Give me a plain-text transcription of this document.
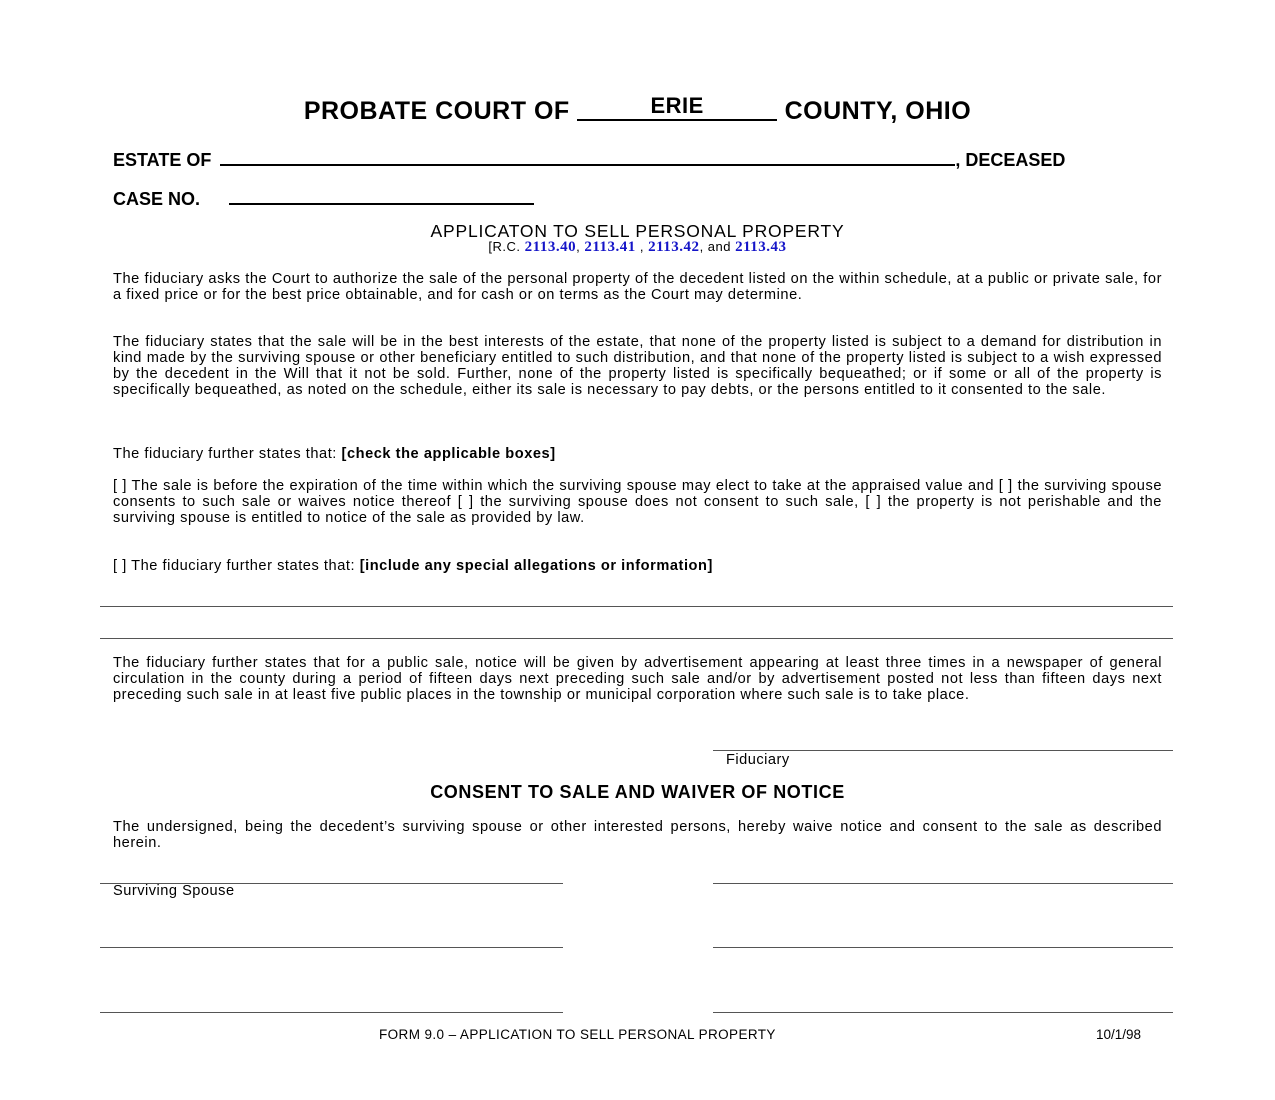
PROBATE COURT OF	ERIE	COUNTY, OHIO
ESTATE OF	, DECEASED
CASE NO.
APPLICATON TO SELL PERSONAL PROPERTY
[R.C. 2113.40, 2113.41 , 2113.42, and 2113.43
The fiduciary asks the Court to authorize the sale of the personal property of the decedent listed on the within schedule, at a public or private sale, for a fixed price or for the best price obtainable, and for cash or on terms as the Court may determine.
The fiduciary states that the sale will be in the best interests of the estate, that none of the property listed is subject to a demand for distribution in kind made by the surviving spouse or other beneficiary entitled to such distribution, and that none of the property listed is subject to a wish expressed by the decedent in the Will that it not be sold. Further, none of the property listed is specifically bequeathed; or if some or all of the property is specifically bequeathed, as noted on the schedule, either its sale is necessary to pay debts, or the persons entitled to it consented to the sale.
The fiduciary further states that: [check the applicable boxes]
[ ] The sale is before the expiration of the time within which the surviving spouse may elect to take at the appraised value and [ ] the surviving spouse consents to such sale or waives notice thereof [ ] the surviving spouse does not consent to such sale, [ ] the property is not perishable and the surviving spouse is entitled to notice of the sale as provided by law.
[ ] The fiduciary further states that: [include any special allegations or information]
The fiduciary further states that for a public sale, notice will be given by advertisement appearing at least three times in a newspaper of general circulation in the county during a period of fifteen days next preceding such sale and/or by advertisement posted not less than fifteen days next preceding such sale in at least five public places in the township or municipal corporation where such sale is to take place.
Fiduciary
CONSENT TO SALE AND WAIVER OF NOTICE
The undersigned, being the decedent’s surviving spouse or other interested persons, hereby waive notice and consent to the sale as described herein.
Surviving Spouse
FORM 9.0 – APPLICATION TO SELL PERSONAL PROPERTY	10/1/98
